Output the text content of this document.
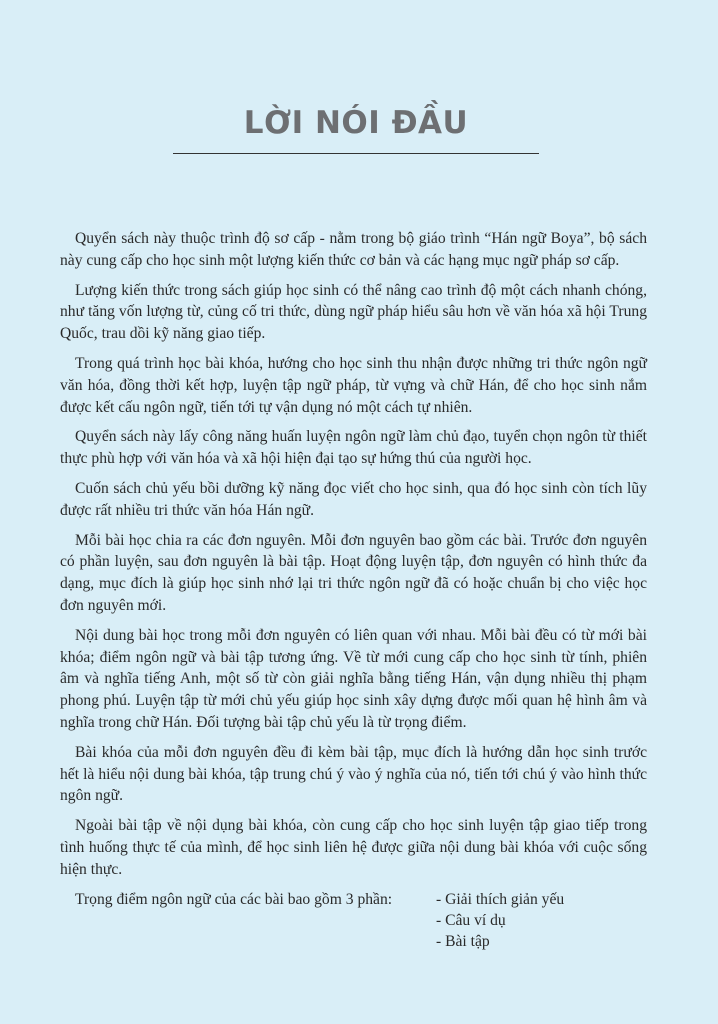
LỜI NÓI ĐẦU

Quyển sách này thuộc trình độ sơ cấp - nằm trong bộ giáo trình “Hán ngữ Boya”, bộ sách này cung cấp cho học sinh một lượng kiến thức cơ bản và các hạng mục ngữ pháp sơ cấp.

Lượng kiến thức trong sách giúp học sinh có thể nâng cao trình độ một cách nhanh chóng, như tăng vốn lượng từ, củng cố tri thức, dùng ngữ pháp hiểu sâu hơn về văn hóa xã hội Trung Quốc, trau dồi kỹ năng giao tiếp.

Trong quá trình học bài khóa, hướng cho học sinh thu nhận được những tri thức ngôn ngữ văn hóa, đồng thời kết hợp, luyện tập ngữ pháp, từ vựng và chữ Hán, để cho học sinh nắm được kết cấu ngôn ngữ, tiến tới tự vận dụng nó một cách tự nhiên.

Quyển sách này lấy công năng huấn luyện ngôn ngữ làm chủ đạo, tuyển chọn ngôn từ thiết thực phù hợp với văn hóa và xã hội hiện đại tạo sự hứng thú của người học.

Cuốn sách chủ yếu bồi dưỡng kỹ năng đọc viết cho học sinh, qua đó học sinh còn tích lũy được rất nhiều tri thức văn hóa Hán ngữ.

Mỗi bài học chia ra các đơn nguyên. Mỗi đơn nguyên bao gồm các bài. Trước đơn nguyên có phần luyện, sau đơn nguyên là bài tập. Hoạt động luyện tập, đơn nguyên có hình thức đa dạng, mục đích là giúp học sinh nhớ lại tri thức ngôn ngữ đã có hoặc chuẩn bị cho việc học đơn nguyên mới.

Nội dung bài học trong mỗi đơn nguyên có liên quan với nhau. Mỗi bài đều có từ mới bài khóa; điểm ngôn ngữ và bài tập tương ứng. Về từ mới cung cấp cho học sinh từ tính, phiên âm và nghĩa tiếng Anh, một số từ còn giải nghĩa bằng tiếng Hán, vận dụng nhiều thị phạm phong phú. Luyện tập từ mới chủ yếu giúp học sinh xây dựng được mối quan hệ hình âm và nghĩa trong chữ Hán. Đối tượng bài tập chủ yếu là từ trọng điểm.

Bài khóa của mỗi đơn nguyên đều đi kèm bài tập, mục đích là hướng dẫn học sinh trước hết là hiểu nội dung bài khóa, tập trung chú ý vào ý nghĩa của nó, tiến tới chú ý vào hình thức ngôn ngữ.

Ngoài bài tập về nội dụng bài khóa, còn cung cấp cho học sinh luyện tập giao tiếp trong tình huống thực tế của mình, để học sinh liên hệ được giữa nội dung bài khóa với cuộc sống hiện thực.

Trọng điểm ngôn ngữ của các bài bao gồm 3 phần:	- Giải thích giản yếu
- Câu ví dụ
- Bài tập
